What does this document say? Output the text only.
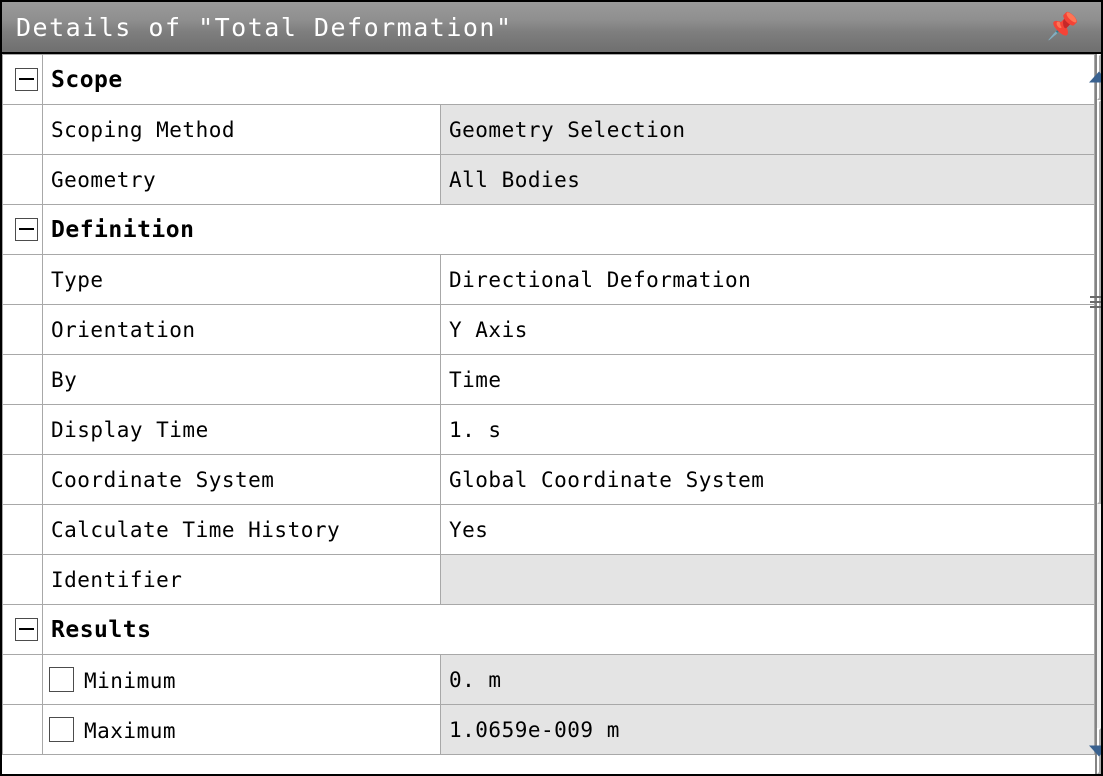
Details of "Total Deformation"	📌
	Scope	
	Scoping Method	Geometry Selection
	Geometry	All Bodies

	Definition	
	Type	Directional Deformation
	Orientation	Y Axis
	By	Time
	Display Time	1. s
	Coordinate System	Global Coordinate System
	Calculate Time History	Yes
	Identifier	

	Results	
	Minimum	0. m
	Maximum	1.0659e-009 m
